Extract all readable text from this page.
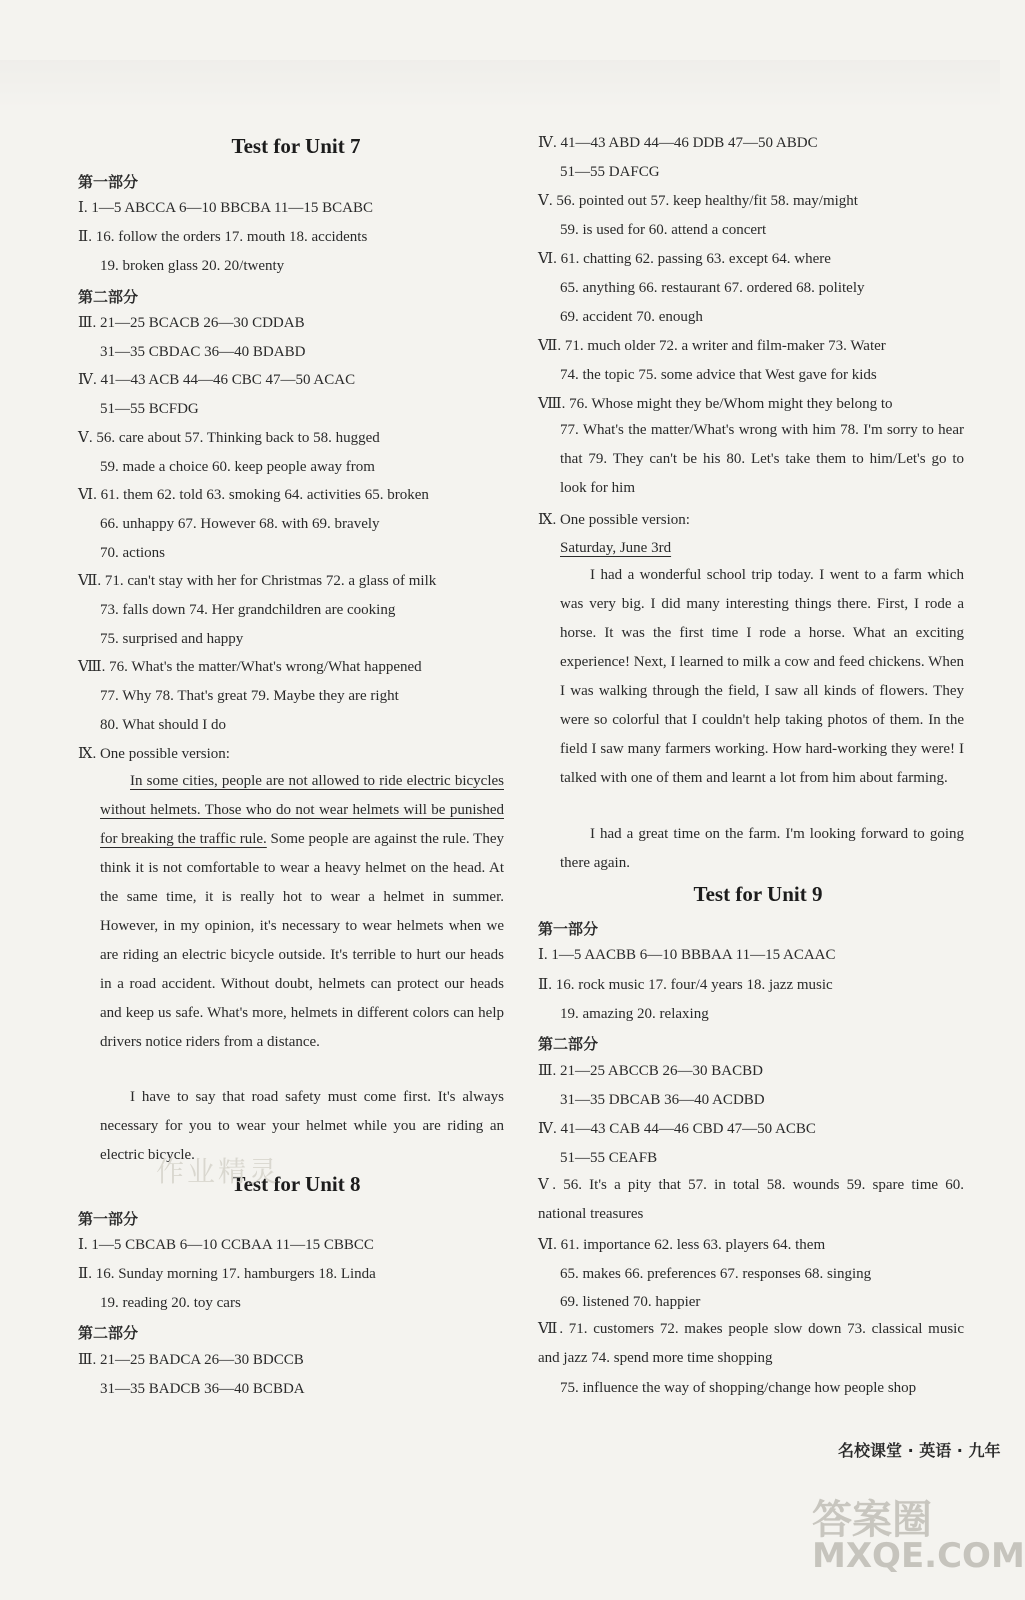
Test for Unit 7
第一部分
Ⅰ. 1—5 ABCCA 6—10 BBCBA 11—15 BCABC
Ⅱ. 16. follow the orders 17. mouth 18. accidents
19. broken glass 20. 20/twenty
第二部分
Ⅲ. 21—25 BCACB 26—30 CDDAB
31—35 CBDAC 36—40 BDABD
Ⅳ. 41—43 ACB 44—46 CBC 47—50 ACAC
51—55 BCFDG
Ⅴ. 56. care about 57. Thinking back to 58. hugged
59. made a choice 60. keep people away from
Ⅵ. 61. them 62. told 63. smoking 64. activities 65. broken
66. unhappy 67. However 68. with 69. bravely
70. actions
Ⅶ. 71. can't stay with her for Christmas 72. a glass of milk
73. falls down 74. Her grandchildren are cooking
75. surprised and happy
Ⅷ. 76. What's the matter/What's wrong/What happened
77. Why 78. That's great 79. Maybe they are right
80. What should I do
Ⅸ. One possible version:
In some cities, people are not allowed to ride electric bicycles without helmets. Those who do not wear helmets will be punished for breaking the traffic rule. Some people are against the rule. They think it is not comfortable to wear a heavy helmet on the head. At the same time, it is really hot to wear a helmet in summer. However, in my opinion, it's necessary to wear helmets when we are riding an electric bicycle outside. It's terrible to hurt our heads in a road accident. Without doubt, helmets can protect our heads and keep us safe. What's more, helmets in different colors can help drivers notice riders from a distance.
I have to say that road safety must come first. It's always necessary for you to wear your helmet while you are riding an electric bicycle.
Test for Unit 8
第一部分
Ⅰ. 1—5 CBCAB 6—10 CCBAA 11—15 CBBCC
Ⅱ. 16. Sunday morning 17. hamburgers 18. Linda
19. reading 20. toy cars
第二部分
Ⅲ. 21—25 BADCA 26—30 BDCCB
31—35 BADCB 36—40 BCBDA
Ⅳ. 41—43 ABD 44—46 DDB 47—50 ABDC
51—55 DAFCG
Ⅴ. 56. pointed out 57. keep healthy/fit 58. may/might
59. is used for 60. attend a concert
Ⅵ. 61. chatting 62. passing 63. except 64. where
65. anything 66. restaurant 67. ordered 68. politely
69. accident 70. enough
Ⅶ. 71. much older 72. a writer and film-maker 73. Water
74. the topic 75. some advice that West gave for kids
Ⅷ. 76. Whose might they be/Whom might they belong to
77. What's the matter/What's wrong with him 78. I'm sorry to hear that 79. They can't be his 80. Let's take them to him/Let's go to look for him
Ⅸ. One possible version:
Saturday, June 3rd
I had a wonderful school trip today. I went to a farm which was very big. I did many interesting things there. First, I rode a horse. It was the first time I rode a horse. What an exciting experience! Next, I learned to milk a cow and feed chickens. When I was walking through the field, I saw all kinds of flowers. They were so colorful that I couldn't help taking photos of them. In the field I saw many farmers working. How hard-working they were! I talked with one of them and learnt a lot from him about farming.
I had a great time on the farm. I'm looking forward to going there again.
Test for Unit 9
第一部分
Ⅰ. 1—5 AACBB 6—10 BBBAA 11—15 ACAAC
Ⅱ. 16. rock music 17. four/4 years 18. jazz music
19. amazing 20. relaxing
第二部分
Ⅲ. 21—25 ABCCB 26—30 BACBD
31—35 DBCAB 36—40 ACDBD
Ⅳ. 41—43 CAB 44—46 CBD 47—50 ACBC
51—55 CEAFB
Ⅴ. 56. It's a pity that 57. in total 58. wounds 59. spare time 60. national treasures
Ⅵ. 61. importance 62. less 63. players 64. them
65. makes 66. preferences 67. responses 68. singing
69. listened 70. happier
Ⅶ. 71. customers 72. makes people slow down 73. classical music and jazz 74. spend more time shopping
75. influence the way of shopping/change how people shop
名校课堂 · 英语 · 九年
作业精灵
答案圈
MXQE.COM
